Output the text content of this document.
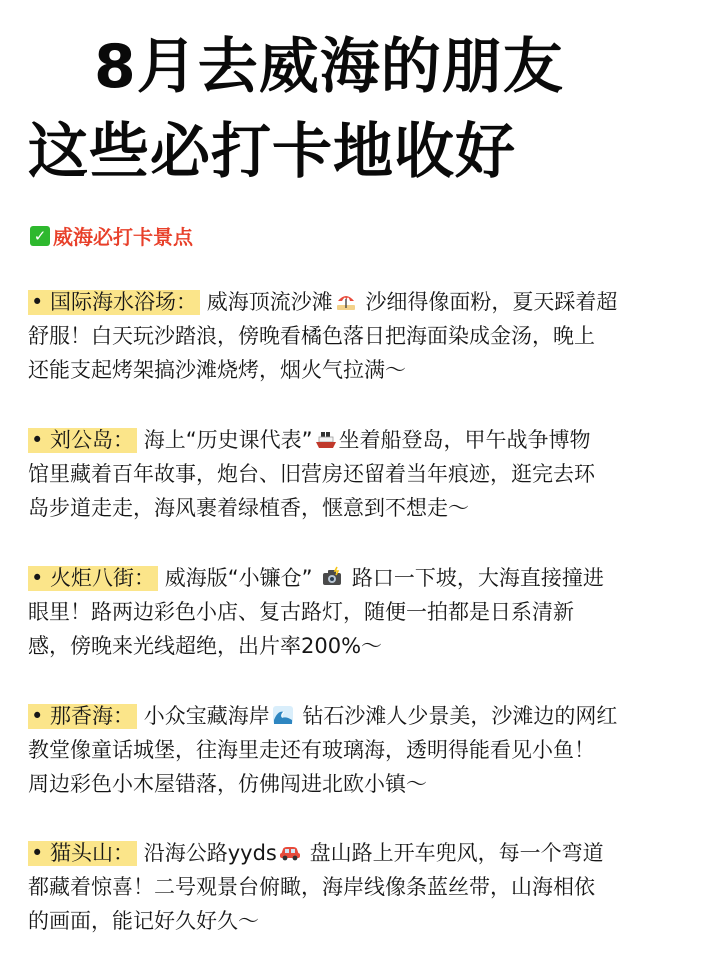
8月去威海的朋友
这些必打卡地收好
✓ 威海必打卡景点
• 国际海水浴场： 威海顶流沙滩 沙细得像面粉，夏天踩着超
舒服！白天玩沙踏浪，傍晚看橘色落日把海面染成金汤，晚上
还能支起烤架搞沙滩烧烤，烟火气拉满～
• 刘公岛： 海上“历史课代表” 坐着船登岛，甲午战争博物
馆里藏着百年故事，炮台、旧营房还留着当年痕迹，逛完去环
岛步道走走，海风裹着绿植香，惬意到不想走～
• 火炬八街： 威海版“小镰仓” 路口一下坡，大海直接撞进
眼里！路两边彩色小店、复古路灯，随便一拍都是日系清新
感，傍晚来光线超绝，出片率200%～
• 那香海： 小众宝藏海岸 钻石沙滩人少景美，沙滩边的网红
教堂像童话城堡，往海里走还有玻璃海，透明得能看见小鱼！
周边彩色小木屋错落，仿佛闯进北欧小镇～
• 猫头山： 沿海公路yyds 盘山路上开车兜风，每一个弯道
都藏着惊喜！二号观景台俯瞰，海岸线像条蓝丝带，山海相依
的画面，能记好久好久～
